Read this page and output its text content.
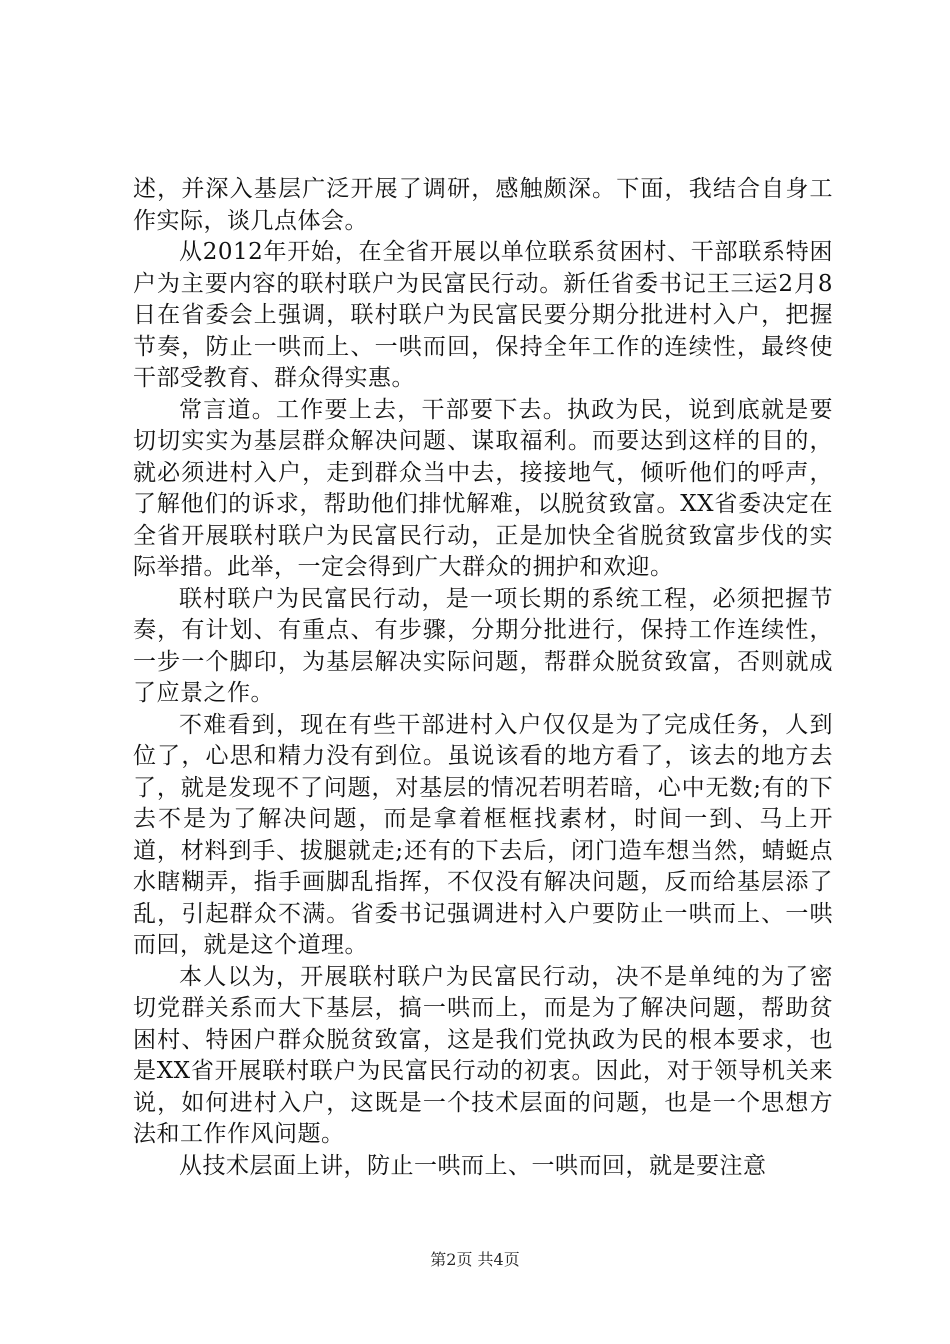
述，并深入基层广泛开展了调研，感触颇深。下面，我结合自身工作实际，谈几点体会。

从2012年开始，在全省开展以单位联系贫困村、干部联系特困户为主要内容的联村联户为民富民行动。新任省委书记王三运2月8日在省委会上强调，联村联户为民富民要分期分批进村入户，把握节奏，防止一哄而上、一哄而回，保持全年工作的连续性，最终使干部受教育、群众得实惠。

常言道。工作要上去，干部要下去。执政为民，说到底就是要切切实实为基层群众解决问题、谋取福利。而要达到这样的目的，就必须进村入户，走到群众当中去，接接地气，倾听他们的呼声，了解他们的诉求，帮助他们排忧解难，以脱贫致富。XX省委决定在全省开展联村联户为民富民行动，正是加快全省脱贫致富步伐的实际举措。此举，一定会得到广大群众的拥护和欢迎。

联村联户为民富民行动，是一项长期的系统工程，必须把握节奏，有计划、有重点、有步骤，分期分批进行，保持工作连续性，一步一个脚印，为基层解决实际问题，帮群众脱贫致富，否则就成了应景之作。

不难看到，现在有些干部进村入户仅仅是为了完成任务，人到位了，心思和精力没有到位。虽说该看的地方看了，该去的地方去了，就是发现不了问题，对基层的情况若明若暗，心中无数;有的下去不是为了解决问题，而是拿着框框找素材，时间一到、马上开道，材料到手、拔腿就走;还有的下去后，闭门造车想当然，蜻蜓点水瞎糊弄，指手画脚乱指挥，不仅没有解决问题，反而给基层添了乱，引起群众不满。省委书记强调进村入户要防止一哄而上、一哄而回，就是这个道理。

本人以为，开展联村联户为民富民行动，决不是单纯的为了密切党群关系而大下基层，搞一哄而上，而是为了解决问题，帮助贫困村、特困户群众脱贫致富，这是我们党执政为民的根本要求，也是XX省开展联村联户为民富民行动的初衷。因此，对于领导机关来说，如何进村入户，这既是一个技术层面的问题，也是一个思想方法和工作作风问题。

从技术层面上讲，防止一哄而上、一哄而回，就是要注意

第2页 共4页
